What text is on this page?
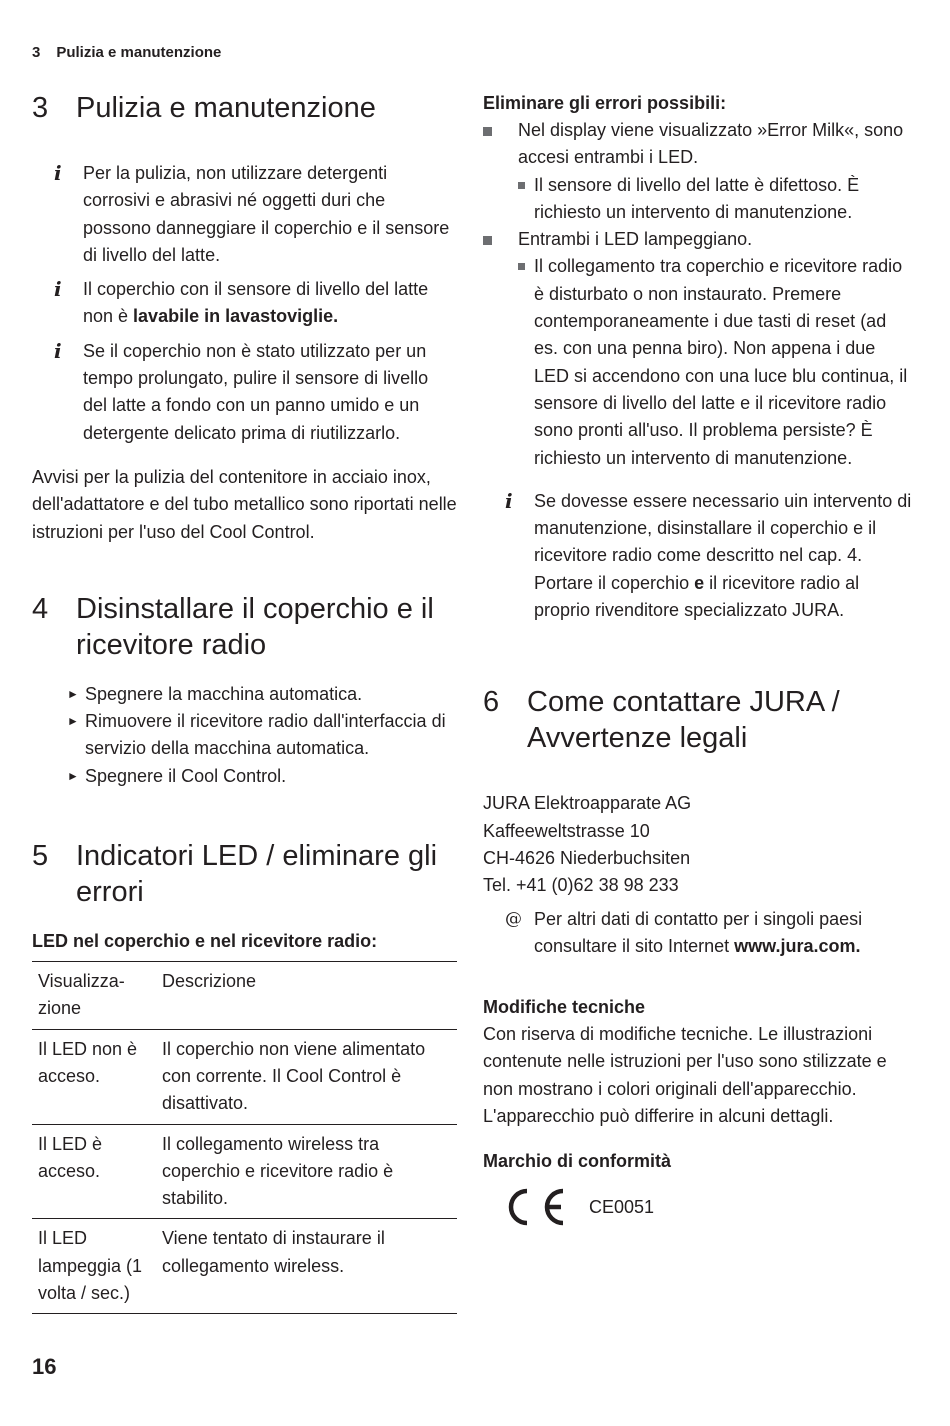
3 Pulizia e manutenzione
3 Pulizia e manutenzione
i	Per la pulizia, non utilizzare detergenti corrosivi e abrasivi né oggetti duri che possono danneggiare il coperchio e il sensore di livello del latte.
i	Il coperchio con il sensore di livello del latte non è lavabile in lavastoviglie.
i	Se il coperchio non è stato utilizzato per un tempo prolungato, pulire il sensore di livello del latte a fondo con un panno umido e un detergente delicato prima di riutilizzarlo.

Avvisi per la pulizia del contenitore in acciaio inox, dell'adattatore e del tubo metallico sono riportati nelle istruzioni per l'uso del Cool Control.

4 Disinstallare il coperchio e il ricevitore radio
► Spegnere la macchina automatica.
► Rimuovere il ricevitore radio dall'interfaccia di servizio della macchina automatica.
► Spegnere il Cool Control.
5 Indicatori LED / eliminare gli errori
LED nel coperchio e nel ricevitore radio:
Visualizza-zione	Descrizione
Il LED non è acceso.	Il coperchio non viene alimentato con corrente. Il Cool Control è disattivato.
Il LED è acceso.	Il collegamento wireless tra coperchio e ricevitore radio è stabilito.
Il LED lampeggia (1 volta / sec.)	Viene tentato di instaurare il collegamento wireless.
Eliminare gli errori possibili:
Nel display viene visualizzato »Error Milk«, sono accesi entrambi i LED.
Il sensore di livello del latte è difettoso. È richiesto un intervento di manutenzione.
Entrambi i LED lampeggiano.
Il collegamento tra coperchio e ricevitore radio è disturbato o non instaurato. Premere contemporaneamente i due tasti di reset (ad es. con una penna biro). Non appena i due LED si accendono con una luce blu continua, il sensore di livello del latte e il ricevitore radio sono pronti all'uso. Il problema persiste? È richiesto un intervento di manutenzione.
i	Se dovesse essere necessario uin intervento di manutenzione, disinstallare il coperchio e il ricevitore radio come descritto nel cap. 4. Portare il coperchio e il ricevitore radio al proprio rivenditore specializzato JURA.
6 Come contattare JURA / Avvertenze legali
JURA Elektroapparate AG
Kaffeeweltstrasse 10
CH-4626 Niederbuchsiten
Tel. +41 (0)62 38 98 233
@ Per altri dati di contatto per i singoli paesi consultare il sito Internet www.jura.com.
Modifiche tecniche

Con riserva di modifiche tecniche. Le illustrazioni contenute nelle istruzioni per l'uso sono stilizzate e non mostrano i colori originali dell'apparecchio. L'apparecchio può differire in alcuni dettagli.

Marchio di conformità
CE0051
16
